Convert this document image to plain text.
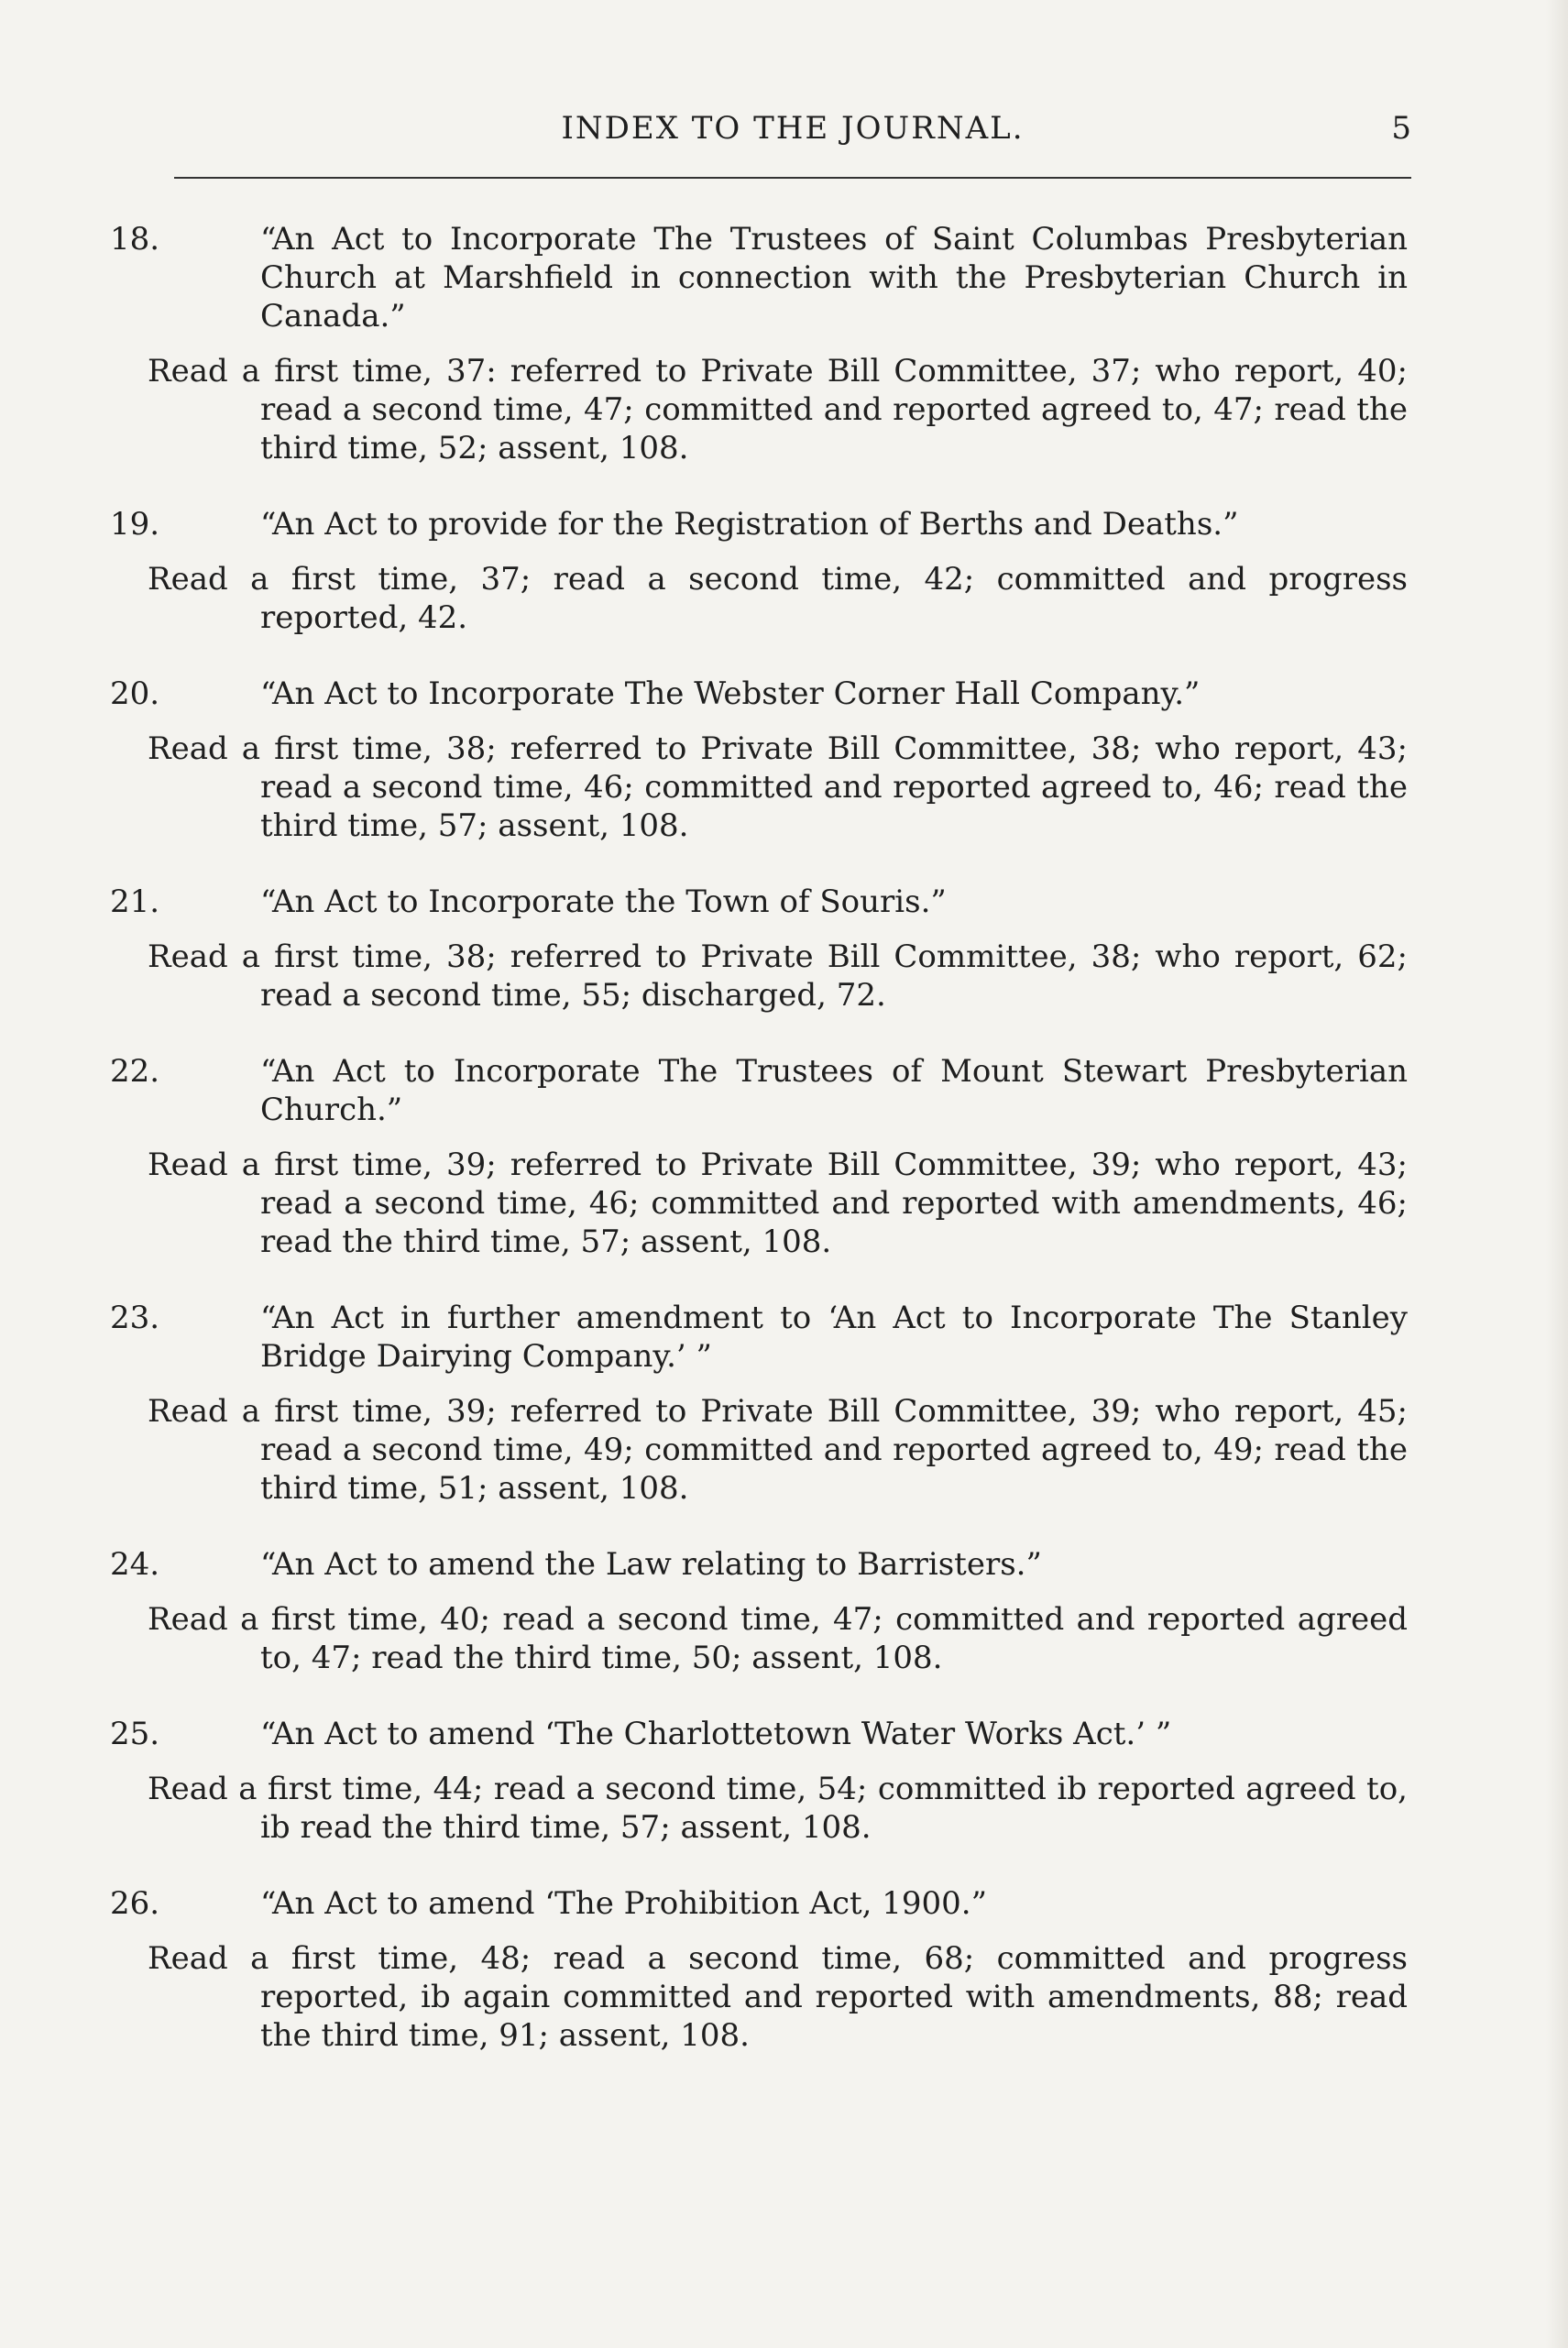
INDEX TO THE JOURNAL.	5
18.	“An Act to Incorporate The Trustees of Saint Columbas Presbyterian Church at Marshfield in connection with the Presbyterian Church in Canada.”
Read a first time, 37: referred to Private Bill Committee, 37; who report, 40; read a second time, 47; committed and reported agreed to, 47; read the third time, 52; assent, 108.
19.	“An Act to provide for the Registration of Berths and Deaths.”
Read a first time, 37; read a second time, 42; committed and progress reported, 42.
20.	“An Act to Incorporate The Webster Corner Hall Company.”
Read a first time, 38; referred to Private Bill Committee, 38; who report, 43; read a second time, 46; committed and reported agreed to, 46; read the third time, 57; assent, 108.
21.	“An Act to Incorporate the Town of Souris.”
Read a first time, 38; referred to Private Bill Committee, 38; who report, 62; read a second time, 55; discharged, 72.
22.	“An Act to Incorporate The Trustees of Mount Stewart Presbyterian Church.”
Read a first time, 39; referred to Private Bill Committee, 39; who report, 43; read a second time, 46; committed and reported with amendments, 46; read the third time, 57; assent, 108.
23.	“An Act in further amendment to ‘An Act to Incorporate The Stanley Bridge Dairying Company.’ ”
Read a first time, 39; referred to Private Bill Committee, 39; who report, 45; read a second time, 49; committed and reported agreed to, 49; read the third time, 51; assent, 108.
24.	“An Act to amend the Law relating to Barristers.”
Read a first time, 40; read a second time, 47; committed and reported agreed to, 47; read the third time, 50; assent, 108.
25.	“An Act to amend ‘The Charlottetown Water Works Act.’ ”
Read a first time, 44; read a second time, 54; committed ib reported agreed to, ib read the third time, 57; assent, 108.
26.	“An Act to amend ‘The Prohibition Act, 1900.”
Read a first time, 48; read a second time, 68; committed and progress reported, ib again committed and reported with amendments, 88; read the third time, 91; assent, 108.
